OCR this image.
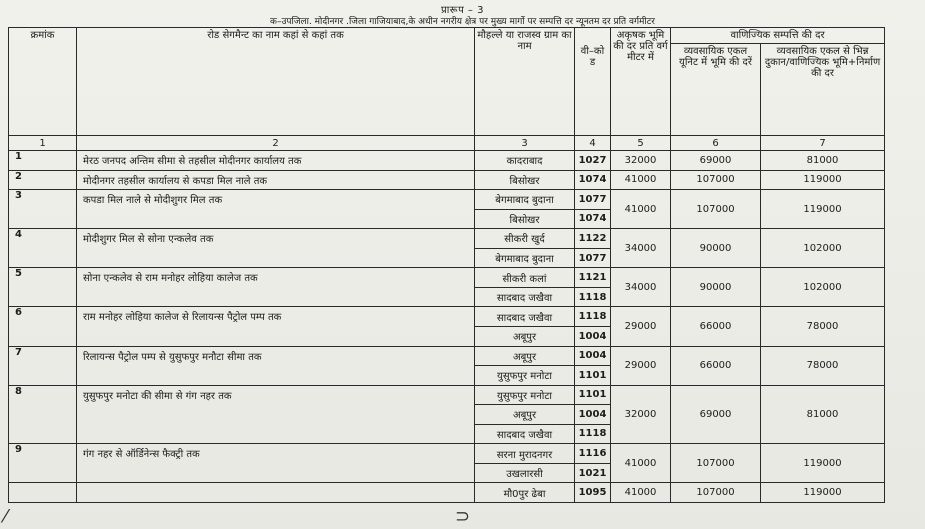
प्रारूप – 3
क–उपजिला. मोदीनगर .जिला गाजियाबाद,के अधीन नगरीय क्षेत्र पर मुख्य मार्गो पर सम्पत्ति दर न्यूनतम दर प्रति वर्गमीटर
क्रमांक	रोड सेगमैन्ट का नाम कहां से कहां तक	मौहल्ले या राजस्व ग्राम का नाम	वी–को ड	अकृषक भूमि की दर प्रति वर्ग मीटर में	वाणिज्यिक सम्पत्ति की दर	
					व्यवसायिक एकल यूनिट में भूमि की दरें	व्यवसायिक एकल से भिन्न दुकान/वाणिज्यिक भूमि+निर्माण की दर
1	2	3	4	5	6	7
1	मेरठ जनपद अन्तिम सीमा से तहसील मोदीनगर कार्यालय तक	कादराबाद	1027	32000	69000	81000
2	मोदीनगर तहसील कार्यालय से कपडा मिल नाले तक	बिसोखर	1074	41000	107000	119000
3	कपडा मिल नाले से मोदीशुगर मिल तक	बेगमाबाद बुदाना	1077	41000	107000	119000
		बिसोखर	1074			
4	मोदीशुगर मिल से सोना एन्कलेव तक	सीकरी खुर्द	1122	34000	90000	102000
		बेगमाबाद बुदाना	1077			
5	सोना एन्कलेव से राम मनोहर लोहिया कालेज तक	सीकरी कलां	1121	34000	90000	102000
		सादबाद जखैवा	1118			
6	राम मनोहर लोहिया कालेज से रिलायन्स पैट्रोल पम्प तक	सादबाद जखैवा	1118	29000	66000	78000
		अबूपुर	1004			
7	रिलायन्स पैट्रोल पम्प से युसुफपुर मनौटा सीमा तक	अबूपुर	1004	29000	66000	78000
		युसुफपुर मनोटा	1101			
8	युसुफपुर मनोटा की सीमा से गंग नहर तक	युसुफपुर मनोटा	1101	32000	69000	81000
		अबूपुर	1004			
		सादबाद जखैवा	1118			
9	गंग नहर से ऑर्डिनेन्स फैक्ट्री तक	सरना मुरादनगर	1116	41000	107000	119000
		उखलारसी	1021			
		मौ0पुर ढेबा	1095	41000	107000	119000
⁄	⊃
